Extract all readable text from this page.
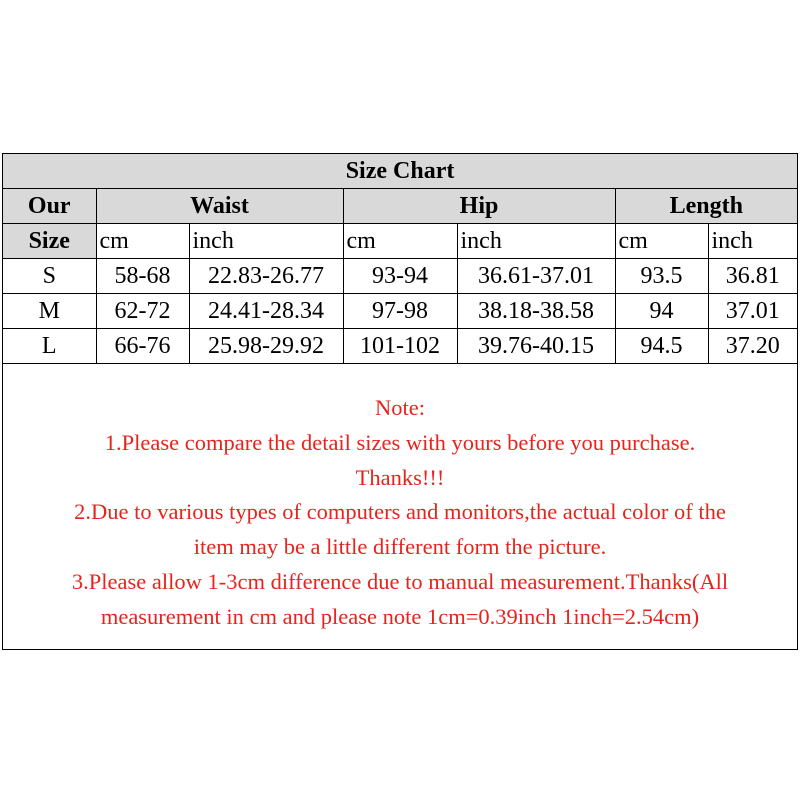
Size Chart						
Our	Waist		Hip		Length	
Size	cm	inch	cm	inch	cm	inch
S	58-68	22.83-26.77	93-94	36.61-37.01	93.5	36.81
M	62-72	24.41-28.34	97-98	38.18-38.58	94	37.01
L	66-76	25.98-29.92	101-102	39.76-40.15	94.5	37.20
Note:
1.Please compare the detail sizes with yours before you purchase.
Thanks!!!
2.Due to various types of computers and monitors,the actual color of the
item may be a little different form the picture.
3.Please allow 1-3cm difference due to manual measurement.Thanks(All
measurement in cm and please note 1cm=0.39inch 1inch=2.54cm)
